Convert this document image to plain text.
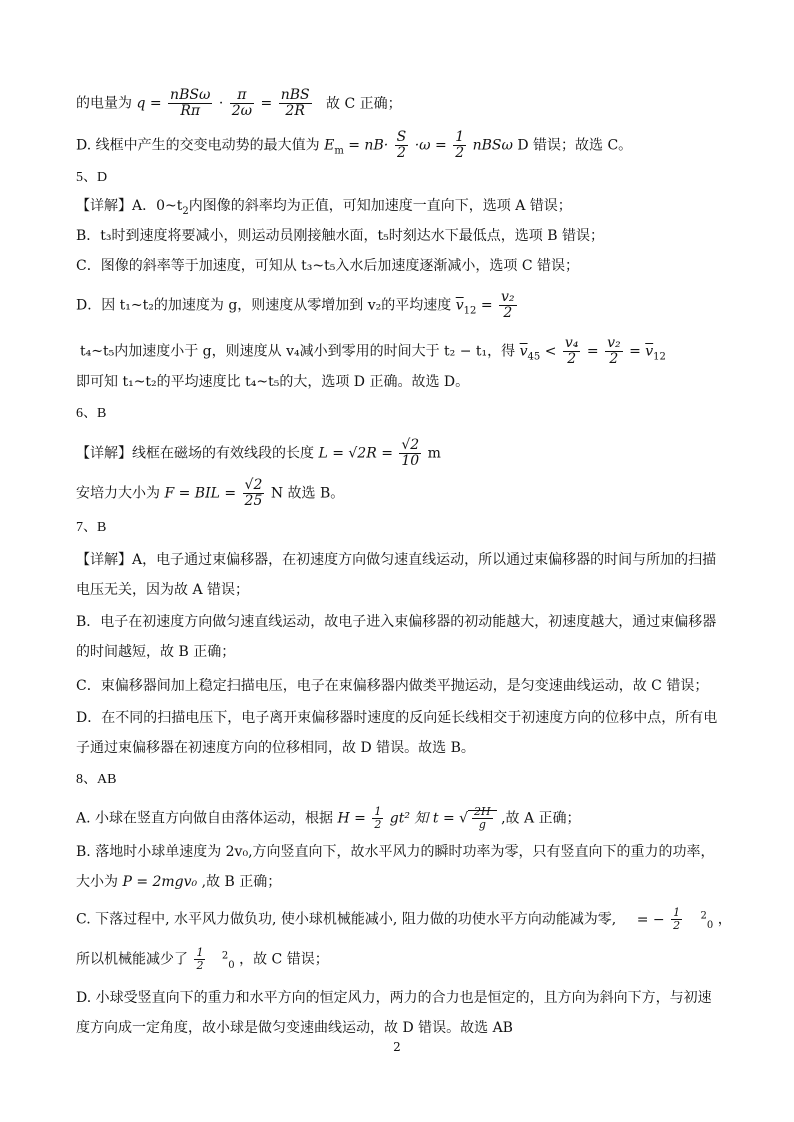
的电量为 $q = \frac{\text{nBSω}}{R\pi} \cdot \frac{\pi}{2\omega} = \frac{\text{nBS}}{2R}$ 故 C 正确；
D. 线框中产生的交变电动势的最大值为 $E_m = nB\cdot \frac{S}{2} \cdot\omega = \frac{1}{2}$ nBSω D 错误；故选 C。
5、D
【详解】A．$0\sim t_2$内图像的斜率均为正值，可知加速度一直向下，选项 A 错误；
B．t₃时到速度将要减小，则运动员刚接触水面，t₅时刻达水下最低点，选项 B 错误；
C．图像的斜率等于加速度，可知从 t₃~t₅入水后加速度逐渐减小，选项 C 错误；
D．因 t₁~t₂的加速度为 g，则速度从零增加到 v₂的平均速度 $\overline{v}_{12} = \frac{\text{v₂}}{2}$
t₄~t₅内加速度小于 g，则速度从 v₄减小到零用的时间大于 t₂ − t₁，得 $\overline{v}_{45} < \frac{\text{v₄}}{2} = \frac{\text{v₂}}{2} = \overline{v}_{12}$
即可知 t₁~t₂的平均速度比 t₄~t₅的大，选项 D 正确。故选 D。
6、B
【详解】线框在磁场的有效线段的长度 $L = √2R = \frac{√2}{10}$ m
安培力大小为 F = BIL = $\frac{√2}{25}$ N 故选 B。
7、B
【详解】A，电子通过束偏移器，在初速度方向做匀速直线运动，所以通过束偏移器的时间与所加的扫描
电压无关，因为故 A 错误；
B．电子在初速度方向做匀速直线运动，故电子进入束偏移器的初动能越大，初速度越大，通过束偏移器
的时间越短，故 B 正确；
C．束偏移器间加上稳定扫描电压，电子在束偏移器内做类平抛运动，是匀变速曲线运动，故 C 错误；
D．在不同的扫描电压下，电子离开束偏移器时速度的反向延长线相交于初速度方向的位移中点，所有电
子通过束偏移器在初速度方向的位移相同，故 D 错误。故选 B。
8、AB
A. 小球在竖直方向做自由落体运动，根据 $H = \frac{1}{2} gt^2$ 知 t = √ $\frac{2H}{g}$ ,故 A 正确；
B. 落地时小球单速度为 2v₀,方向竖直向下，故水平风力的瞬时功率为零，只有竖直向下的重力的功率，
大小为 P = 2mgv₀ ,故 B 正确；
C. 下落过程中, 水平风力做负功, 使小球机械能减小, 阻力做的功使水平方向动能减为零, = − $\frac{1}{2} ^2_0$ ，
所以机械能减少了 $\frac{1}{2} ^2_0$ ，故 C 错误；
D. 小球受竖直向下的重力和水平方向的恒定风力，两力的合力也是恒定的，且方向为斜向下方，与初速
度方向成一定角度，故小球是做匀变速曲线运动，故 D 错误。故选 AB
2
